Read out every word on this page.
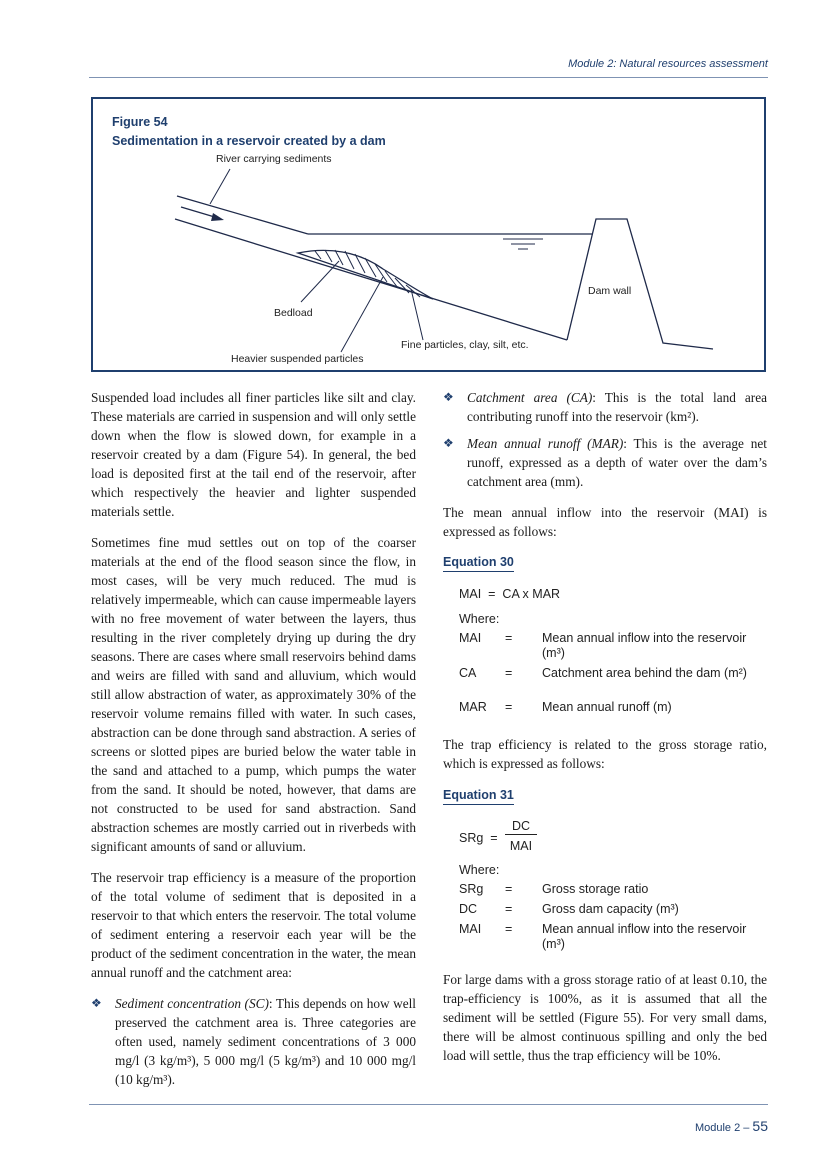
Module 2: Natural resources assessment
Figure 54
Sedimentation in a reservoir created by a dam
River carrying sediments
Dam wall
Bedload
Fine particles, clay, silt, etc.
Heavier suspended particles

Suspended load includes all finer particles like silt and clay. These materials are carried in suspension and will only settle down when the flow is slowed down, for example in a reservoir created by a dam (Figure 54). In general, the bed load is deposited first at the tail end of the reservoir, after which respectively the heavier and lighter suspended materials settle.

Sometimes fine mud settles out on top of the coarser materials at the end of the flood season since the flow, in most cases, will be very much reduced. The mud is relatively impermeable, which can cause impermeable layers with no free movement of water between the layers, thus resulting in the river completely drying up during the dry seasons. There are cases where small reservoirs behind dams and weirs are filled with sand and alluvium, which would still allow abstraction of water, as approximately 30% of the reservoir volume remains filled with water. In such cases, abstraction can be done through sand abstraction. A series of screens or slotted pipes are buried below the water table in the sand and attached to a pump, which pumps the water from the sand. It should be noted, however, that dams are not constructed to be used for sand abstraction. Sand abstraction schemes are mostly carried out in riverbeds with significant amounts of sand or alluvium.

The reservoir trap efficiency is a measure of the proportion of the total volume of sediment that is deposited in a reservoir to that which enters the reservoir. The total volume of sediment entering a reservoir each year will be the product of the sediment concentration in the water, the mean annual runoff and the catchment area:

❖ Sediment concentration (SC): This depends on how well preserved the catchment area is. Three categories are often used, namely sediment concentrations of 3 000 mg/l (3 kg/m³), 5 000 mg/l (5 kg/m³) and 10 000 mg/l (10 kg/m³).
❖ Catchment area (CA): This is the total land area contributing runoff into the reservoir (km²).
❖ Mean annual runoff (MAR): This is the average net runoff, expressed as a depth of water over the dam’s catchment area (mm).

The mean annual inflow into the reservoir (MAI) is expressed as follows:

Equation 30
MAI  =  CA x MAR
Where:
MAI = Mean annual inflow into the reservoir (m³)
CA = Catchment area behind the dam (m²)
MAR = Mean annual runoff (m)

The trap efficiency is related to the gross storage ratio, which is expressed as follows:

Equation 31
SRg  =
DC
MAI
Where:
SRg = Gross storage ratio
DC = Gross dam capacity (m³)
MAI = Mean annual inflow into the reservoir (m³)

For large dams with a gross storage ratio of at least 0.10, the trap-efficiency is 100%, as it is assumed that all the sediment will be settled (Figure 55). For very small dams, there will be almost continuous spilling and only the bed load will settle, thus the trap efficiency will be 10%.

Module 2 – 55
